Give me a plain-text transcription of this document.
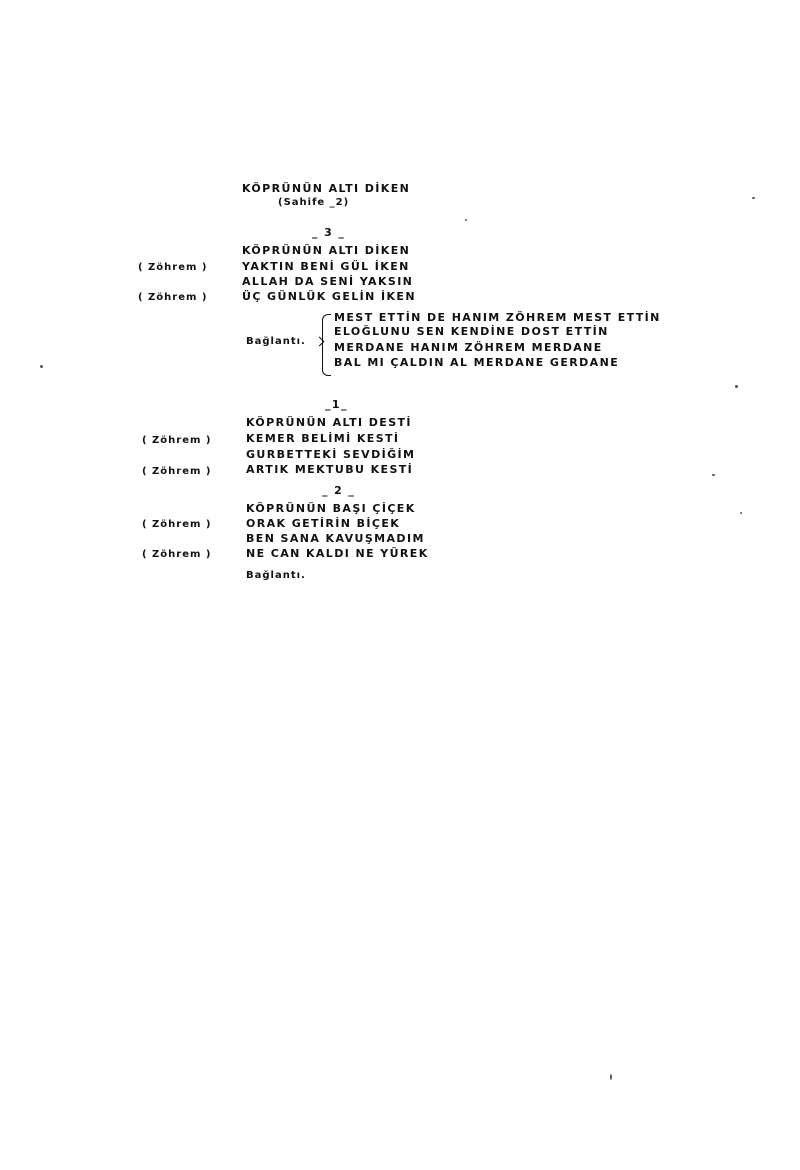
KÖPRÜNÜN ALTI DİKEN
(Sahife _2)
_ 3 _
KÖPRÜNÜN ALTI DİKEN
( Zöhrem )	YAKTIN BENİ GÜL İKEN
ALLAH DA SENİ YAKSIN
( Zöhrem )	ÜÇ GÜNLÜK GELİN İKEN
Bağlantı.
MEST ETTİN DE HANIM ZÖHREM MEST ETTİN
ELOĞLUNU SEN KENDİNE DOST ETTİN
MERDANE HANIM ZÖHREM MERDANE
BAL MI ÇALDIN AL MERDANE GERDANE
_1_
KÖPRÜNÜN ALTI DESTİ
( Zöhrem )	KEMER BELİMİ KESTİ
GURBETTEKİ SEVDİĞİM
( Zöhrem )	ARTIK MEKTUBU KESTİ
_ 2 _
KÖPRÜNÜN BAŞI ÇİÇEK
( Zöhrem )	ORAK GETİRİN BİÇEK
BEN SANA KAVUŞMADIM
( Zöhrem )	NE CAN KALDI NE YÜREK
Bağlantı.
